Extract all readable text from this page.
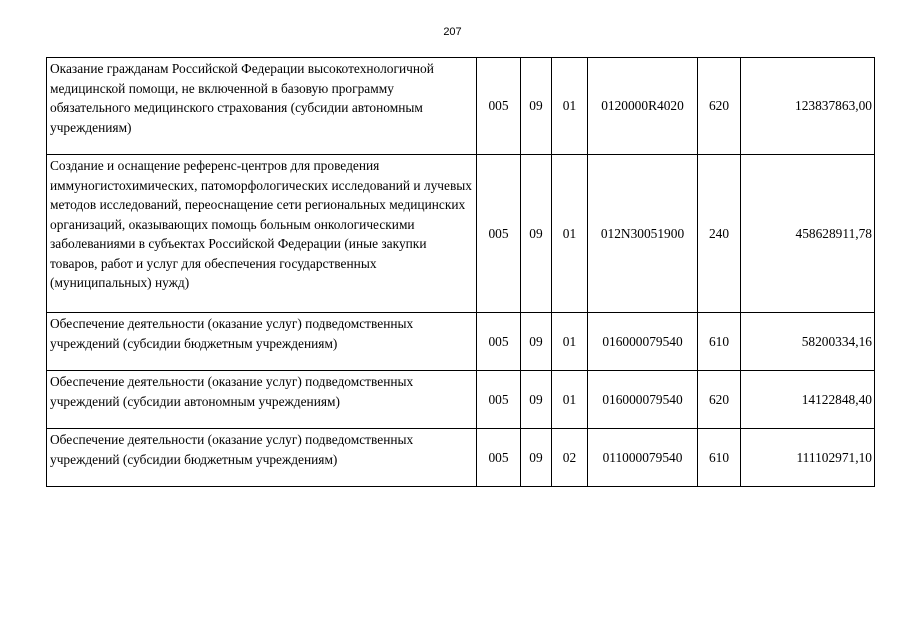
207
Оказание гражданам Российской Федерации высокотехнологичной медицинской помощи, не включенной в базовую программу обязательного медицинского страхования (субсидии автономным учреждениям)	005	09	01	0120000R4020	620	123837863,00
Создание и оснащение референс-центров для проведения иммуногистохимических, патоморфологических исследований и лучевых методов исследований, переоснащение сети региональных медицинских организаций, оказывающих помощь больным онкологическими заболеваниями в субъектах Российской Федерации (иные закупки товаров, работ и услуг для обеспечения государственных (муниципальных) нужд)	005	09	01	012N30051900	240	458628911,78
Обеспечение деятельности (оказание услуг) подведомственных учреждений (субсидии бюджетным учреждениям)	005	09	01	016000079540	610	58200334,16
Обеспечение деятельности (оказание услуг) подведомственных учреждений (субсидии автономным учреждениям)	005	09	01	016000079540	620	14122848,40
Обеспечение деятельности (оказание услуг) подведомственных учреждений (субсидии бюджетным учреждениям)	005	09	02	011000079540	610	111102971,10
